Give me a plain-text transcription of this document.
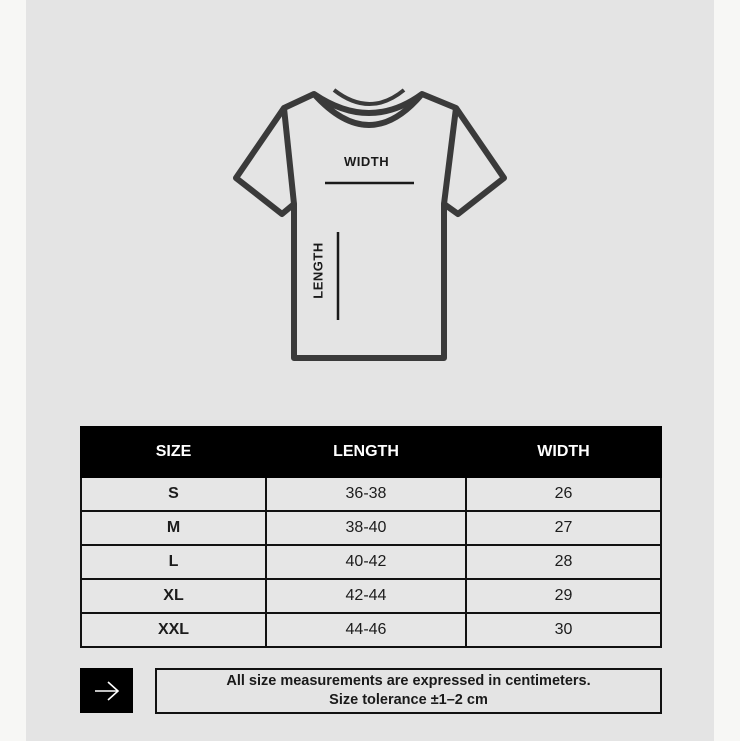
WIDTH
LENGTH
SIZE	LENGTH	WIDTH
S	36-38	26
M	38-40	27
L	40-42	28
XL	42-44	29
XXL	44-46	30
All size measurements are expressed in centimeters.
Size tolerance ±1–2 cm
